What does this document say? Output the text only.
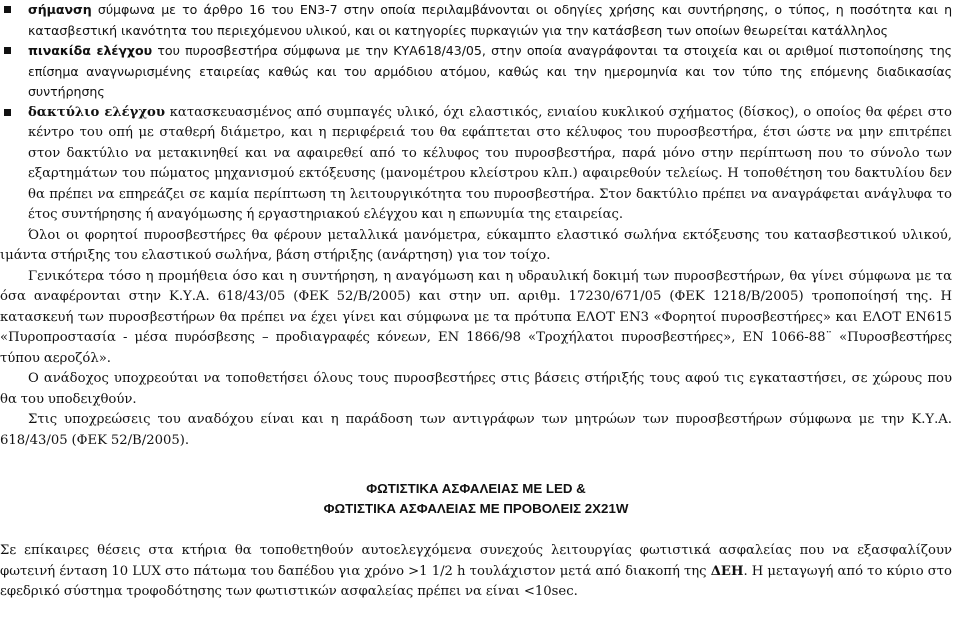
σήμανση σύμφωνα με το άρθρο 16 του EN3-7 στην οποία περιλαμβάνονται οι οδηγίες χρήσης και συντήρησης, ο τύπος, η ποσότητα και η κατασβεστική ικανότητα του περιεχόμενου υλικού, και οι κατηγορίες πυρκαγιών για την κατάσβεση των οποίων θεωρείται κατάλληλος

πινακίδα ελέγχου του πυροσβεστήρα σύμφωνα με την ΚΥΑ618/43/05, στην οποία αναγράφονται τα στοιχεία και οι αριθμοί πιστοποίησης της επίσημα αναγνωρισμένης εταιρείας καθώς και του αρμόδιου ατόμου, καθώς και την ημερομηνία και τον τύπο της επόμενης διαδικασίας συντήρησης

δακτύλιο ελέγχου κατασκευασμένος από συμπαγές υλικό, όχι ελαστικός, ενιαίου κυκλικού σχήματος (δίσκος), ο οποίος θα φέρει στο κέντρο του οπή με σταθερή διάμετρο, και η περιφέρειά του θα εφάπτεται στο κέλυφος του πυροσβεστήρα, έτσι ώστε να μην επιτρέπει στον δακτύλιο να μετακινηθεί και να αφαιρεθεί από το κέλυφος του πυροσβεστήρα, παρά μόνο στην περίπτωση που το σύνολο των εξαρτημάτων του πώματος μηχανισμού εκτόξευσης (μανομέτρου κλείστρου κλπ.) αφαιρεθούν τελείως. Η τοποθέτηση του δακτυλίου δεν θα πρέπει να επηρεάζει σε καμία περίπτωση τη λειτουργικότητα του πυροσβεστήρα. Στον δακτύλιο πρέπει να αναγράφεται ανάγλυφα το έτος συντήρησης ή αναγόμωσης ή εργαστηριακού ελέγχου και η επωνυμία της εταιρείας.

Όλοι οι φορητοί πυροσβεστήρες θα φέρουν μεταλλικά μανόμετρα, εύκαμπτο ελαστικό σωλήνα εκτόξευσης του κατασβεστικού υλικού, ιμάντα στήριξης του ελαστικού σωλήνα, βάση στήριξης (ανάρτηση) για τον τοίχο.

Γενικότερα τόσο η προμήθεια όσο και η συντήρηση, η αναγόμωση και η υδραυλική δοκιμή των πυροσβεστήρων, θα γίνει σύμφωνα με τα όσα αναφέρονται στην Κ.Υ.Α. 618/43/05 (ΦΕΚ 52/Β/2005) και στην υπ. αριθμ. 17230/671/05 (ΦΕΚ 1218/Β/2005) τροποποίησή της. Η κατασκευή των πυροσβεστήρων θα πρέπει να έχει γίνει και σύμφωνα με τα πρότυπα ΕΛΟΤ ΕΝ3 «Φορητοί πυροσβεστήρες» και ΕΛΟΤ ΕΝ615 «Πυροπροστασία - μέσα πυρόσβεσης – προδιαγραφές κόνεων, ΕΝ 1866/98 «Τροχήλατοι πυροσβεστήρες», ΕΝ 1066-88¨ «Πυροσβεστήρες τύπου αεροζόλ».

Ο ανάδοχος υποχρεούται να τοποθετήσει όλους τους πυροσβεστήρες στις βάσεις στήριξής τους αφού τις εγκαταστήσει, σε χώρους που θα του υποδειχθούν.

Στις υποχρεώσεις του αναδόχου είναι και η παράδοση των αντιγράφων των μητρώων των πυροσβεστήρων σύμφωνα με την Κ.Υ.Α. 618/43/05 (ΦΕΚ 52/Β/2005).

ΦΩΤΙΣΤΙΚΑ ΑΣΦΑΛΕΙΑΣ ΜΕ LED &

ΦΩΤΙΣΤΙΚΑ ΑΣΦΑΛΕΙΑΣ ΜΕ ΠΡΟΒΟΛΕΙΣ 2X21W

Σε επίκαιρες θέσεις στα κτήρια θα τοποθετηθούν αυτοελεγχόμενα συνεχούς λειτουργίας φωτιστικά ασφαλείας που να εξασφαλίζουν φωτεινή ένταση 10 LUX στο πάτωμα του δαπέδου για χρόνο >1 1/2 h τουλάχιστον μετά από διακοπή της ΔΕΗ. Η μεταγωγή από το κύριο στο εφεδρικό σύστημα τροφοδότησης των φωτιστικών ασφαλείας πρέπει να είναι <10sec.
